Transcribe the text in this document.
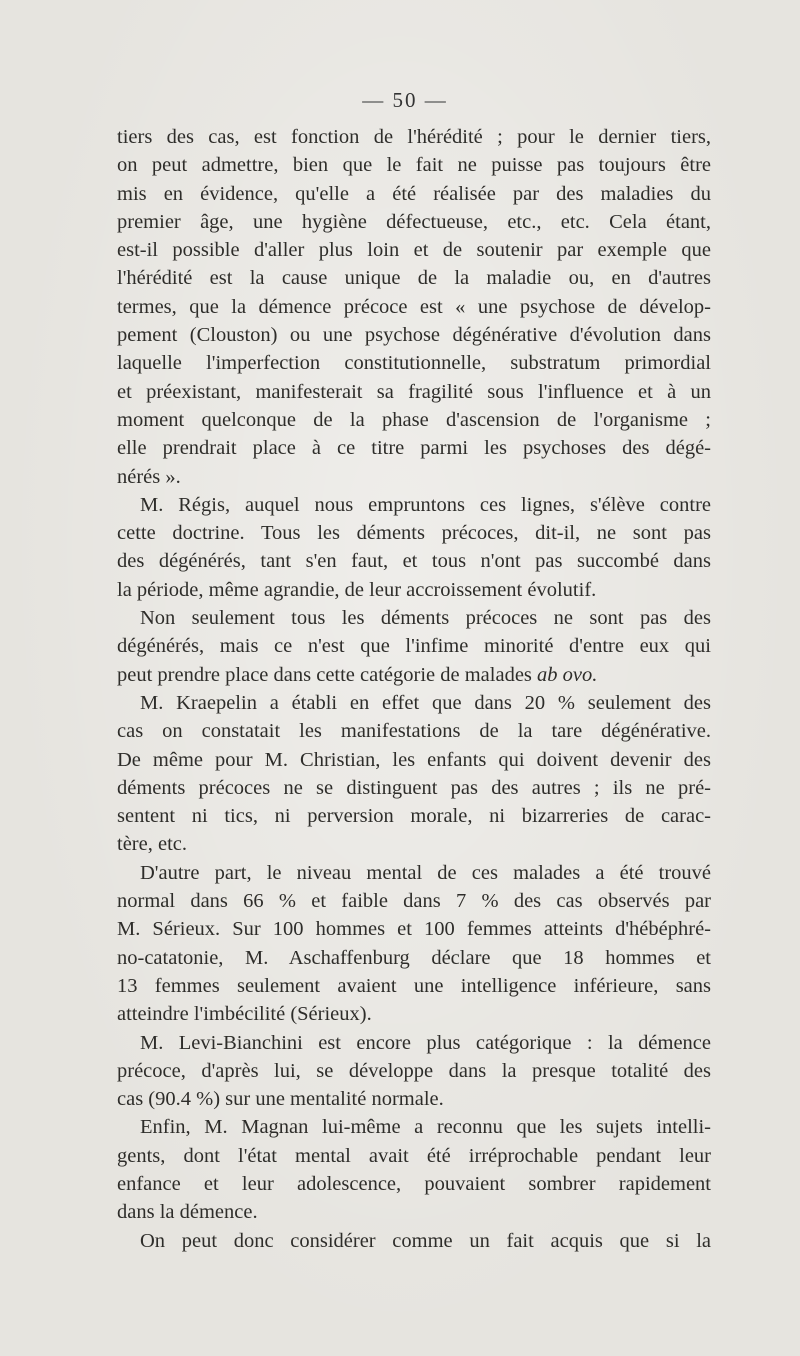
— 50 —
tiers des cas, est fonction de l'hérédité ; pour le dernier tiers,
on peut admettre, bien que le fait ne puisse pas toujours être
mis en évidence, qu'elle a été réalisée par des maladies du
premier âge, une hygiène défectueuse, etc., etc. Cela étant,
est-il possible d'aller plus loin et de soutenir par exemple que
l'hérédité est la cause unique de la maladie ou, en d'autres
termes, que la démence précoce est « une psychose de dévelop-
pement (Clouston) ou une psychose dégénérative d'évolution dans
laquelle l'imperfection constitutionnelle, substratum primordial
et préexistant, manifesterait sa fragilité sous l'influence et à un
moment quelconque de la phase d'ascension de l'organisme ;
elle prendrait place à ce titre parmi les psychoses des dégé-
nérés ».
M. Régis, auquel nous empruntons ces lignes, s'élève contre
cette doctrine. Tous les déments précoces, dit-il, ne sont pas
des dégénérés, tant s'en faut, et tous n'ont pas succombé dans
la période, même agrandie, de leur accroissement évolutif.
Non seulement tous les déments précoces ne sont pas des
dégénérés, mais ce n'est que l'infime minorité d'entre eux qui
peut prendre place dans cette catégorie de malades ab ovo.
M. Kraepelin a établi en effet que dans 20 % seulement des
cas on constatait les manifestations de la tare dégénérative.
De même pour M. Christian, les enfants qui doivent devenir des
déments précoces ne se distinguent pas des autres ; ils ne pré-
sentent ni tics, ni perversion morale, ni bizarreries de carac-
tère, etc.
D'autre part, le niveau mental de ces malades a été trouvé
normal dans 66 % et faible dans 7 % des cas observés par
M. Sérieux. Sur 100 hommes et 100 femmes atteints d'hébéphré-
no-catatonie, M. Aschaffenburg déclare que 18 hommes et
13 femmes seulement avaient une intelligence inférieure, sans
atteindre l'imbécilité (Sérieux).
M. Levi-Bianchini est encore plus catégorique : la démence
précoce, d'après lui, se développe dans la presque totalité des
cas (90.4 %) sur une mentalité normale.
Enfin, M. Magnan lui-même a reconnu que les sujets intelli-
gents, dont l'état mental avait été irréprochable pendant leur
enfance et leur adolescence, pouvaient sombrer rapidement
dans la démence.
On peut donc considérer comme un fait acquis que si la
